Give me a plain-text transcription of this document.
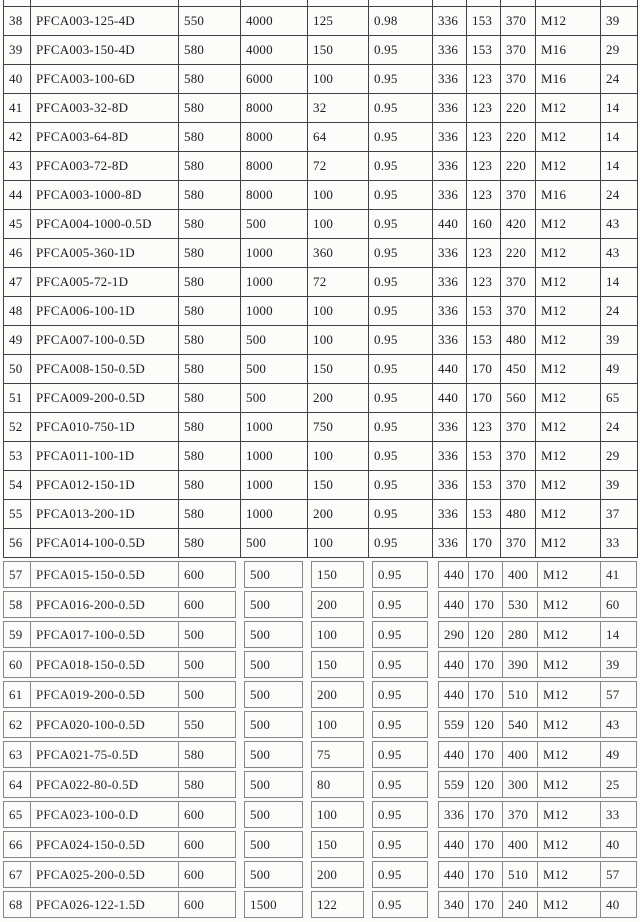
38	PFCA003-125-4D	550	4000	125	0.98	336	153	370	M12	39
39	PFCA003-150-4D	580	4000	150	0.95	336	153	370	M16	29
40	PFCA003-100-6D	580	6000	100	0.95	336	123	370	M16	24
41	PFCA003-32-8D	580	8000	32	0.95	336	123	220	M12	14
42	PFCA003-64-8D	580	8000	64	0.95	336	123	220	M12	14
43	PFCA003-72-8D	580	8000	72	0.95	336	123	220	M12	14
44	PFCA003-1000-8D	580	8000	100	0.95	336	123	370	M16	24
45	PFCA004-1000-0.5D	580	500	100	0.95	440	160	420	M12	43
46	PFCA005-360-1D	580	1000	360	0.95	336	123	220	M12	43
47	PFCA005-72-1D	580	1000	72	0.95	336	123	370	M12	14
48	PFCA006-100-1D	580	1000	100	0.95	336	153	370	M12	24
49	PFCA007-100-0.5D	580	500	100	0.95	336	153	480	M12	39
50	PFCA008-150-0.5D	580	500	150	0.95	440	170	450	M12	49
51	PFCA009-200-0.5D	580	500	200	0.95	440	170	560	M12	65
52	PFCA010-750-1D	580	1000	750	0.95	336	123	370	M12	24
53	PFCA011-100-1D	580	1000	100	0.95	336	153	370	M12	29
54	PFCA012-150-1D	580	1000	150	0.95	336	153	370	M12	39
55	PFCA013-200-1D	580	1000	200	0.95	336	153	480	M12	37
56	PFCA014-100-0.5D	580	500	100	0.95	336	170	370	M12	33
57	PFCA015-150-0.5D	600		500		150		0.95		440	170	400	M12	41
58	PFCA016-200-0.5D	600		500		200		0.95		440	170	530	M12	60
59	PFCA017-100-0.5D	500		500		100		0.95		290	120	280	M12	14
60	PFCA018-150-0.5D	500		500		150		0.95		440	170	390	M12	39
61	PFCA019-200-0.5D	500		500		200		0.95		440	170	510	M12	57
62	PFCA020-100-0.5D	550		500		100		0.95		559	120	540	M12	43
63	PFCA021-75-0.5D	580		500		75		0.95		440	170	400	M12	49
64	PFCA022-80-0.5D	580		500		80		0.95		559	120	300	M12	25
65	PFCA023-100-0.D	600		500		100		0.95		336	170	370	M12	33
66	PFCA024-150-0.5D	600		500		150		0.95		440	170	400	M12	40
67	PFCA025-200-0.5D	600		500		200		0.95		440	170	510	M12	57
68	PFCA026-122-1.5D	600		1500		122		0.95		340	170	240	M12	40
